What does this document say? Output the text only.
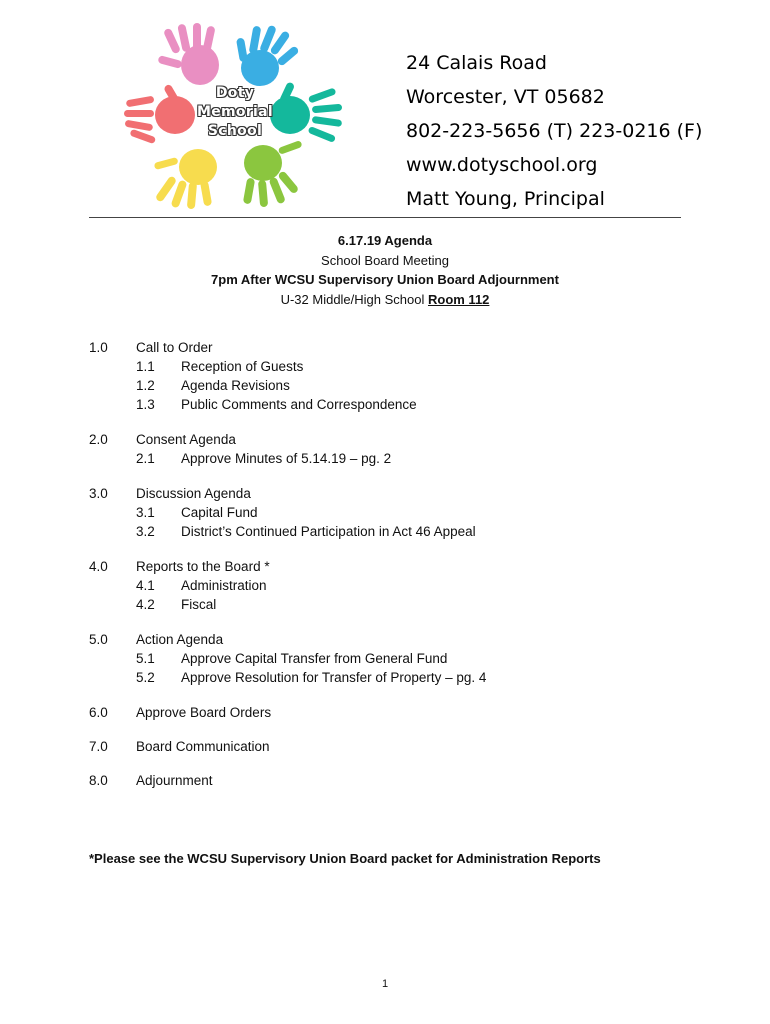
Doty
Memorial
School
24 Calais Road
Worcester, VT 05682
802-223-5656 (T) 223-0216 (F)
www.dotyschool.org
Matt Young, Principal
6.17.19 Agenda
School Board Meeting
7pm After WCSU Supervisory Union Board Adjournment
U-32 Middle/High School Room 112
1.0 Call to Order
1.1 Reception of Guests
1.2 Agenda Revisions
1.3 Public Comments and Correspondence
2.0 Consent Agenda
2.1 Approve Minutes of 5.14.19 – pg. 2
3.0 Discussion Agenda
3.1 Capital Fund
3.2 District’s Continued Participation in Act 46 Appeal
4.0 Reports to the Board *
4.1 Administration
4.2 Fiscal
5.0 Action Agenda
5.1 Approve Capital Transfer from General Fund
5.2 Approve Resolution for Transfer of Property – pg. 4
6.0 Approve Board Orders
7.0 Board Communication
8.0 Adjournment
*Please see the WCSU Supervisory Union Board packet for Administration Reports
1
